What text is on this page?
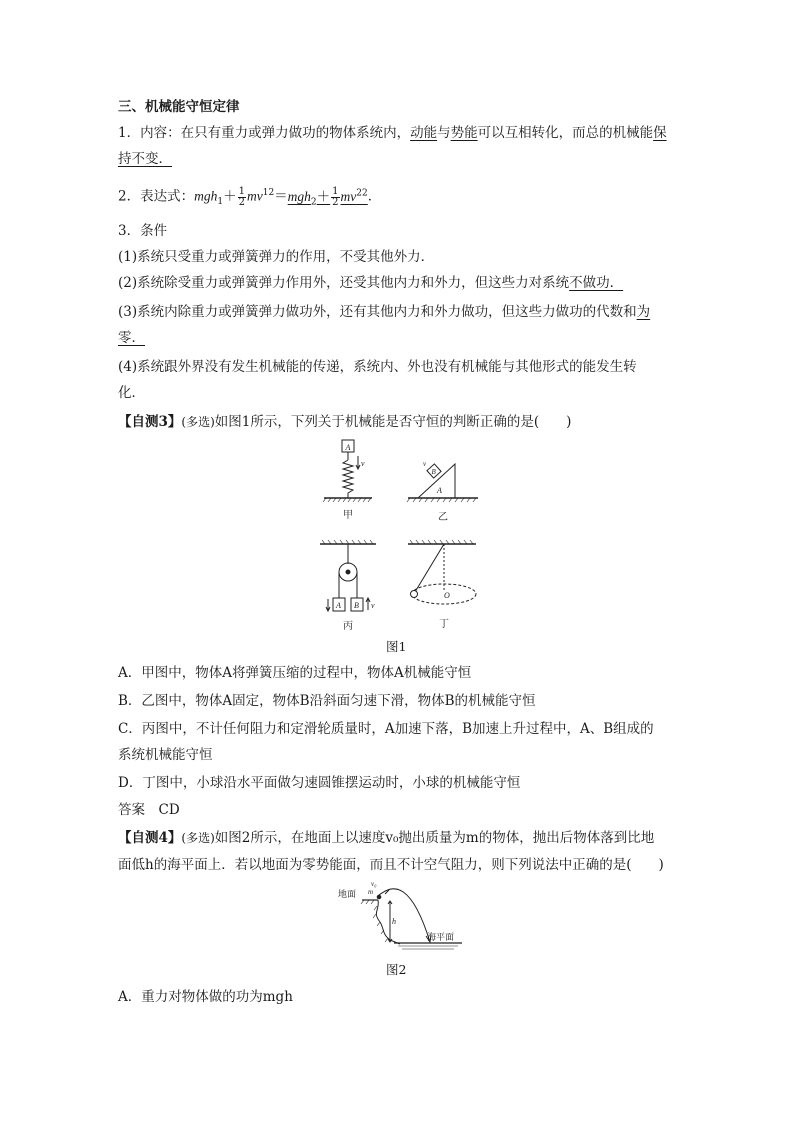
三、机械能守恒定律
1．内容：在只有重力或弹力做功的物体系统内，动能与势能可以互相转化，而总的机械能保
持不变．
2．表达式：$mgh_1+ \frac{1}{2} mv^{12}=mgh_2+ \frac{1}{2} mv^{22}$．
3．条件
(1)系统只受重力或弹簧弹力的作用，不受其他外力．
(2)系统除受重力或弹簧弹力作用外，还受其他内力和外力，但这些力对系统不做功．
(3)系统内除重力或弹簧弹力做功外，还有其他内力和外力做功，但这些力做功的代数和为
零．
(4)系统跟外界没有发生机械能的传递，系统内、外也没有机械能与其他形式的能发生转
化．
【自测3】(多选)如图1所示，下列关于机械能是否守恒的判断正确的是(　　)
A
v
甲
B
A
v
乙
A B v
丙
O
丁
图1
A．甲图中，物体A将弹簧压缩的过程中，物体A机械能守恒
B．乙图中，物体A固定，物体B沿斜面匀速下滑，物体B的机械能守恒
C．丙图中，不计任何阻力和定滑轮质量时，A加速下落，B加速上升过程中，A、B组成的
系统机械能守恒
D．丁图中，小球沿水平面做匀速圆锥摆运动时，小球的机械能守恒
答案　 CD
【自测4】(多选)如图2所示，在地面上以速度v₀抛出质量为m的物体，抛出后物体落到比地
面低h的海平面上．若以地面为零势能面，而且不计空气阻力，则下列说法中正确的是(　　)
地面
海平面
v₀
m
h
图2
A．重力对物体做的功为mgh
